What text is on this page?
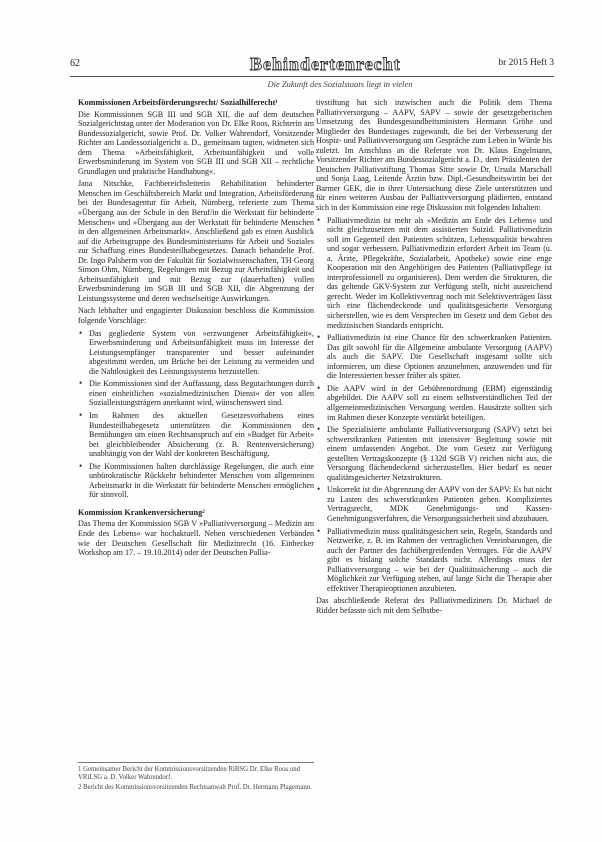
62	Behindertenrecht	br 2015 Heft 3
Die Zukunft des Sozialstaats liegt in vielen
Kommissionen Arbeitsförderungsrecht/ Sozialhilferecht¹

Die Kommissionen SGB III und SGB XII, die auf dem deutschen Sozialgerichtstag unter der Moderation von Dr. Elke Roos, Richterin am Bundessozialgericht, sowie Prof. Dr. Volker Wahrendorf, Vorsitzender Richter am Landessozialgericht a. D., gemeinsam tagten, widmeten sich dem Thema »Arbeitsfähigkeit, Arbeitsunfähigkeit und volle Erwerbsminderung im System von SGB III und SGB XII – rechtliche Grundlagen und praktische Handhabung«.

Jana Nitschke, Fachbereichsleiterin Rehabilitation behinderter Menschen im Geschäftsbereich Markt und Integration, Arbeitsförderung bei der Bundesagentur für Arbeit, Nürnberg, referierte zum Thema »Übergang aus der Schule in den Beruf/in die Werkstatt für behinderte Menschen« und »Übergang aus der Werkstatt für behinderte Menschen in den allgemeinen Arbeitsmarkt«. Anschließend gab es einen Ausblick auf die Arbeitsgruppe des Bundesministeriums für Arbeit und Soziales zur Schaffung eines Bundesteilhabegesetzes. Danach behandelte Prof. Dr. Ingo Palsherm von der Fakultät für Sozialwissenschaften, TH Georg Simon Ohm, Nürnberg, Regelungen mit Bezug zur Arbeitsfähigkeit und Arbeitsunfähigkeit und mit Bezug zur (dauerhaften) vollen Erwerbsminderung im SGB III und SGB XII, die Abgrenzung der Leistungssysteme und deren wechselseitige Auswirkungen.

Nach lebhafter und engagierter Diskussion beschloss die Kommission folgende Vorschläge:

• Das gegliederte System von »erzwungener Arbeitsfähigkeit«, Erwerbsminderung und Arbeitsunfähigkeit muss im Interesse der Leistungsempfänger transparenter und besser aufeinander abgestimmt werden, um Brüche bei der Leistung zu vermeiden und die Nahtlosigkeit des Leistungssystems herzustellen.
• Die Kommissionen sind der Auffassung, dass Begutachtungen durch einen einheitlichen »sozialmedizinischen Dienst« der von allen Sozialleistungsträgern anerkannt wird, wünschenswert sind.
• Im Rahmen des aktuellen Gesetzesvorhabens eines Bundesteilhabegesetz unterstützen die Kommissionen den Bemühungen um einen Rechtsanspruch auf ein »Budget für Arbeit« bei gleichbleibender Absicherung (z. B. Rentenversicherung) unabhängig von der Wahl der konkreten Beschäftigung.
• Die Kommissionen halten durchlässige Regelungen, die auch eine unbürokratische Rückkehr behinderter Menschen vom allgemeinen Arbeitsmarkt in die Werkstatt für behinderte Menschen ermöglichen für sinnvoll.
Kommission Krankenversicherung²

Das Thema der Kommission SGB V »Palliativversorgung – Medizin am Ende des Lebens« war hochaktuell. Neben verschiedenen Verbänden wie der Deutschen Gesellschaft für Medizinrecht (16. Einbecker Workshop am 17. – 19.10.2014) oder der Deutschen Pallia-

1 Gemeinsamer Bericht der Kommissionsvorsitzenden RiBSG Dr. Elke Roos und VRiLSG a. D. Volker Wahrendorf.
2 Bericht des Kommissionsvorsitzenden Rechtsanwalt Prof. Dr. Hermann Plagemann.

tivstiftung hat sich inzwischen auch die Politik dem Thema Palliativversorgung – AAPV, SAPV – sowie der gesetzgeberischen Umsetzung des Bundesgesundheitsministers Hermann Gröhe und Mitglieder des Bundestages zugewandt, die bei der Verbesserung der Hospiz- und Palliativversorgung um Gespräche zum Leben in Würde bis zuletzt. Im Anschluss an die Referate von Dr. Klaus Engelmann, Vorsitzender Richter am Bundessozialgericht a. D., dem Präsidenten der Deutschen Palliativstiftung Thomas Sitte sowie Dr. Ursula Marschall und Sonja Laag, Leitende Ärztin bzw. Dipl.-Gesundheitswirtin bei der Barmer GEK, die in ihrer Untersuchung diese Ziele unterstützten und für einen weiteren Ausbau der Palliativversorgung plädierten, entstand sich in der Kommission eine rege Diskussion mit folgenden Inhalten:

• Palliativmedizin ist mehr als »Medizin am Ende des Lebens« und nicht gleichzusetzen mit dem assistierten Suizid. Palliativmedizin soll im Gegenteil den Patienten schützen, Lebensqualität bewahren und sogar verbessern. Palliativmedizin erfordert Arbeit im Team (u. a. Ärzte, Pflegekräfte, Sozialarbeit, Apotheke) sowie eine enge Kooperation mit den Angehörigen des Patienten (Palliativpflege ist interprofessionell zu organisieren). Dem werden die Strukturen, die das geltende GKV-System zur Verfügung stellt, nicht ausreichend gerecht. Weder im Kollektivvertrag noch mit Selektivverträgen lässt sich eine flächendeckende und qualitätsgesicherte Versorgung sicherstellen, wie es dem Versprechen im Gesetz und dem Gebot des medizinischen Standards entspricht.
• Palliativmedizin ist eine Chance für den schwerkranken Patienten. Das gilt sowohl für die Allgemeine ambulante Versorgung (AAPV) als auch die SAPV. Die Gesellschaft insgesamt sollte sich informieren, um diese Optionen anzunehmen, anzuwenden und für die Interessierten besser früher als später.
• Die AAPV wird in der Gebührenordnung (EBM) eigenständig abgebildet. Die AAPV soll zu einem selbstverständlichen Teil der allgemeinmedizinischen Versorgung werden. Hausärzte sollten sich im Rahmen dieser Konzepte verstärkt beteiligen.
• Die Spezialisierte ambulante Palliativversorgung (SAPV) setzt bei schwerstkranken Patienten mit intensiver Begleitung sowie mit einem umfassenden Angebot. Die vom Gesetz zur Verfügung gestellten Vertragskonzepte (§ 132d SGB V) reichen nicht aus, die Versorgung flächendeckend sicherzustellen. Hier bedarf es neuer qualitätsgesicherter Netzstrukturen.
• Unkorrekt ist die Abgrenzung der AAPV von der SAPV: Es hat nicht zu Lasten des schwerstkranken Patienten gehen. Kompliziertes Vertragsrecht, MDK Genehmigungs- und Kassen-Genehmigungsverfahren, die Versorgungssicherheit sind abzubauen.
• Palliativmedizin muss qualitätsgesichert sein, Regeln, Standards und Netzwerke, z. B. im Rahmen der vertraglichen Vereinbarungen, die auch der Partner des fachübergreifenden Vertrages. Für die AAPV gibt es bislang solche Standards nicht. Allerdings muss der Palliativversorgung – wie bei der Qualitätssicherung – auch die Möglichkeit zur Verfügung stehen, auf lange Sicht die Therapie aber effektiver Therapieoptionen anzubieten.

Das abschließende Referat des Palliativmediziners Dr. Michael de Ridder befasste sich mit dem Selbstbe-
